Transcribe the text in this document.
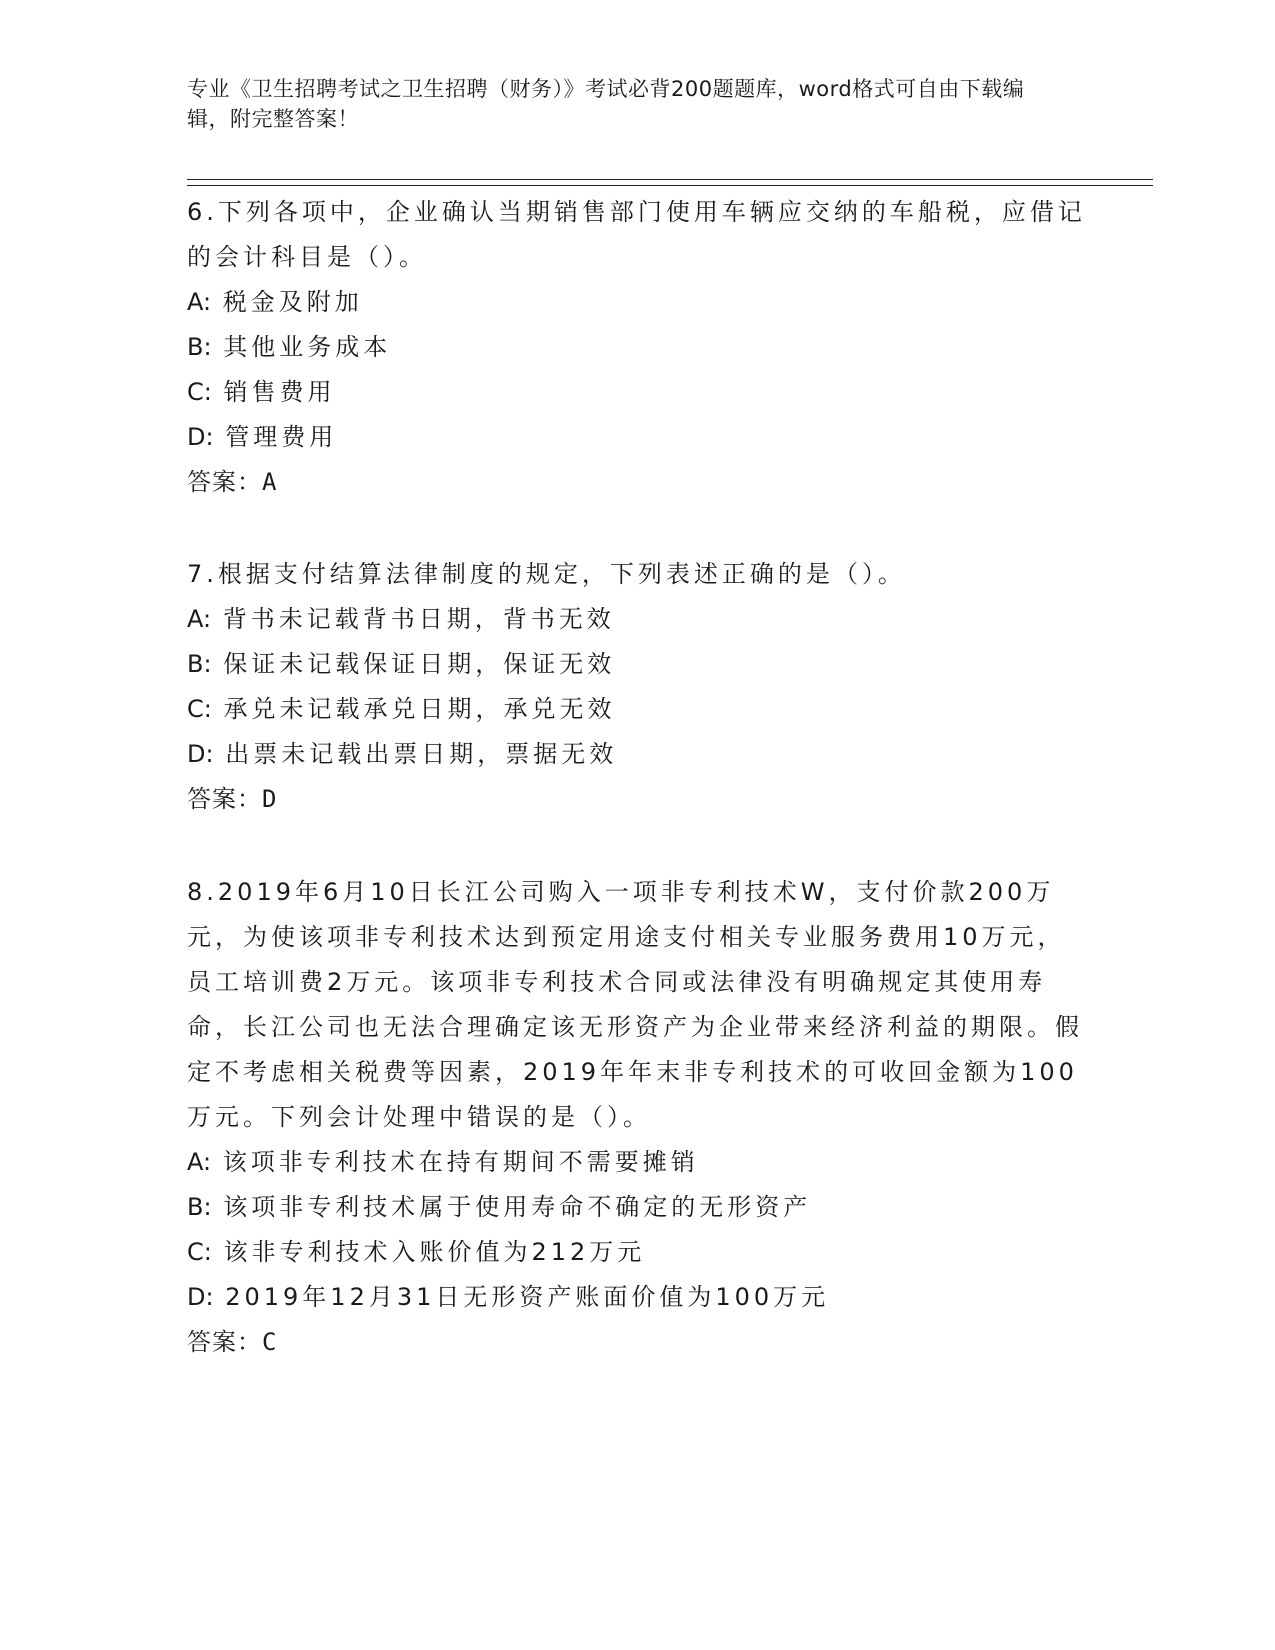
专业《卫生招聘考试之卫生招聘（财务）》考试必背200题题库，word格式可自由下载编辑，附完整答案！

6.下列各项中，企业确认当期销售部门使用车辆应交纳的车船税，应借记的会计科目是（）。

A: 税金及附加

B: 其他业务成本

C: 销售费用

D: 管理费用

答案：A

7.根据支付结算法律制度的规定，下列表述正确的是（）。

A: 背书未记载背书日期，背书无效

B: 保证未记载保证日期，保证无效

C: 承兑未记载承兑日期，承兑无效

D: 出票未记载出票日期，票据无效

答案：D

8.2019年6月10日长江公司购入一项非专利技术W，支付价款200万元，为使该项非专利技术达到预定用途支付相关专业服务费用10万元，员工培训费2万元。该项非专利技术合同或法律没有明确规定其使用寿命，长江公司也无法合理确定该无形资产为企业带来经济利益的期限。假定不考虑相关税费等因素，2019年年末非专利技术的可收回金额为100万元。下列会计处理中错误的是（）。

A: 该项非专利技术在持有期间不需要摊销

B: 该项非专利技术属于使用寿命不确定的无形资产

C: 该非专利技术入账价值为212万元

D: 2019年12月31日无形资产账面价值为100万元

答案：C
